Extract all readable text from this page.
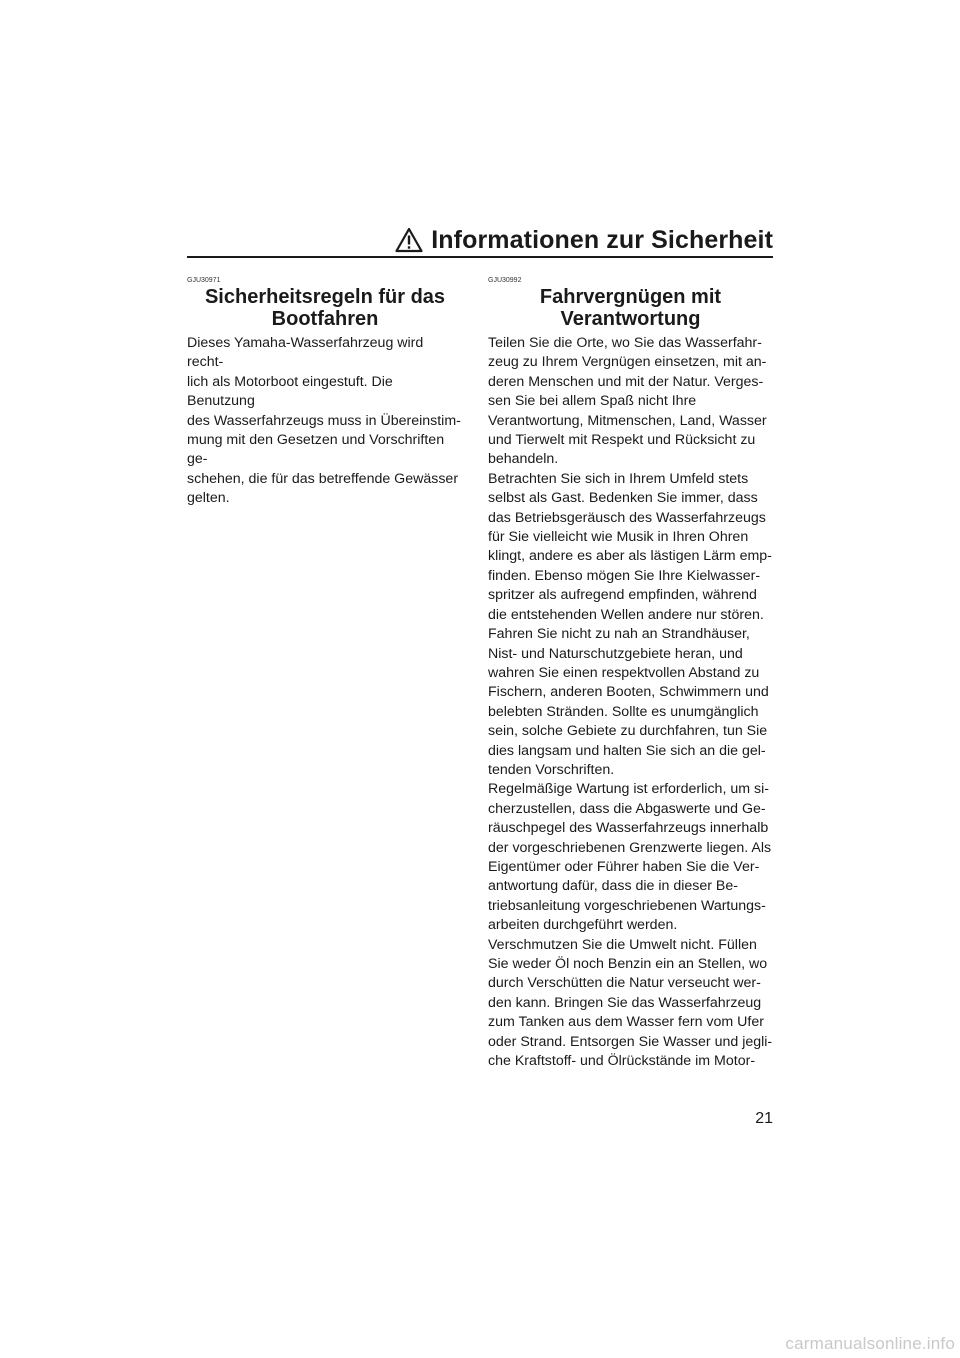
Informationen zur Sicherheit
GJU30971
Sicherheitsregeln für das
Bootfahren

Dieses Yamaha-Wasserfahrzeug wird recht-
lich als Motorboot eingestuft. Die Benutzung
des Wasserfahrzeugs muss in Übereinstim-
mung mit den Gesetzen und Vorschriften ge-
schehen, die für das betreffende Gewässer
gelten.

GJU30992
Fahrvergnügen mit
Verantwortung

Teilen Sie die Orte, wo Sie das Wasserfahr-
zeug zu Ihrem Vergnügen einsetzen, mit an-
deren Menschen und mit der Natur. Verges-
sen Sie bei allem Spaß nicht Ihre
Verantwortung, Mitmenschen, Land, Wasser
und Tierwelt mit Respekt und Rücksicht zu
behandeln.
Betrachten Sie sich in Ihrem Umfeld stets
selbst als Gast. Bedenken Sie immer, dass
das Betriebsgeräusch des Wasserfahrzeugs
für Sie vielleicht wie Musik in Ihren Ohren
klingt, andere es aber als lästigen Lärm emp-
finden. Ebenso mögen Sie Ihre Kielwasser-
spritzer als aufregend empfinden, während
die entstehenden Wellen andere nur stören.
Fahren Sie nicht zu nah an Strandhäuser,
Nist- und Naturschutzgebiete heran, und
wahren Sie einen respektvollen Abstand zu
Fischern, anderen Booten, Schwimmern und
belebten Stränden. Sollte es unumgänglich
sein, solche Gebiete zu durchfahren, tun Sie
dies langsam und halten Sie sich an die gel-
tenden Vorschriften.
Regelmäßige Wartung ist erforderlich, um si-
cherzustellen, dass die Abgaswerte und Ge-
räuschpegel des Wasserfahrzeugs innerhalb
der vorgeschriebenen Grenzwerte liegen. Als
Eigentümer oder Führer haben Sie die Ver-
antwortung dafür, dass die in dieser Be-
triebsanleitung vorgeschriebenen Wartungs-
arbeiten durchgeführt werden.
Verschmutzen Sie die Umwelt nicht. Füllen
Sie weder Öl noch Benzin ein an Stellen, wo
durch Verschütten die Natur verseucht wer-
den kann. Bringen Sie das Wasserfahrzeug
zum Tanken aus dem Wasser fern vom Ufer
oder Strand. Entsorgen Sie Wasser und jegli-
che Kraftstoff- und Ölrückstände im Motor-

21
carmanualsonline.info
